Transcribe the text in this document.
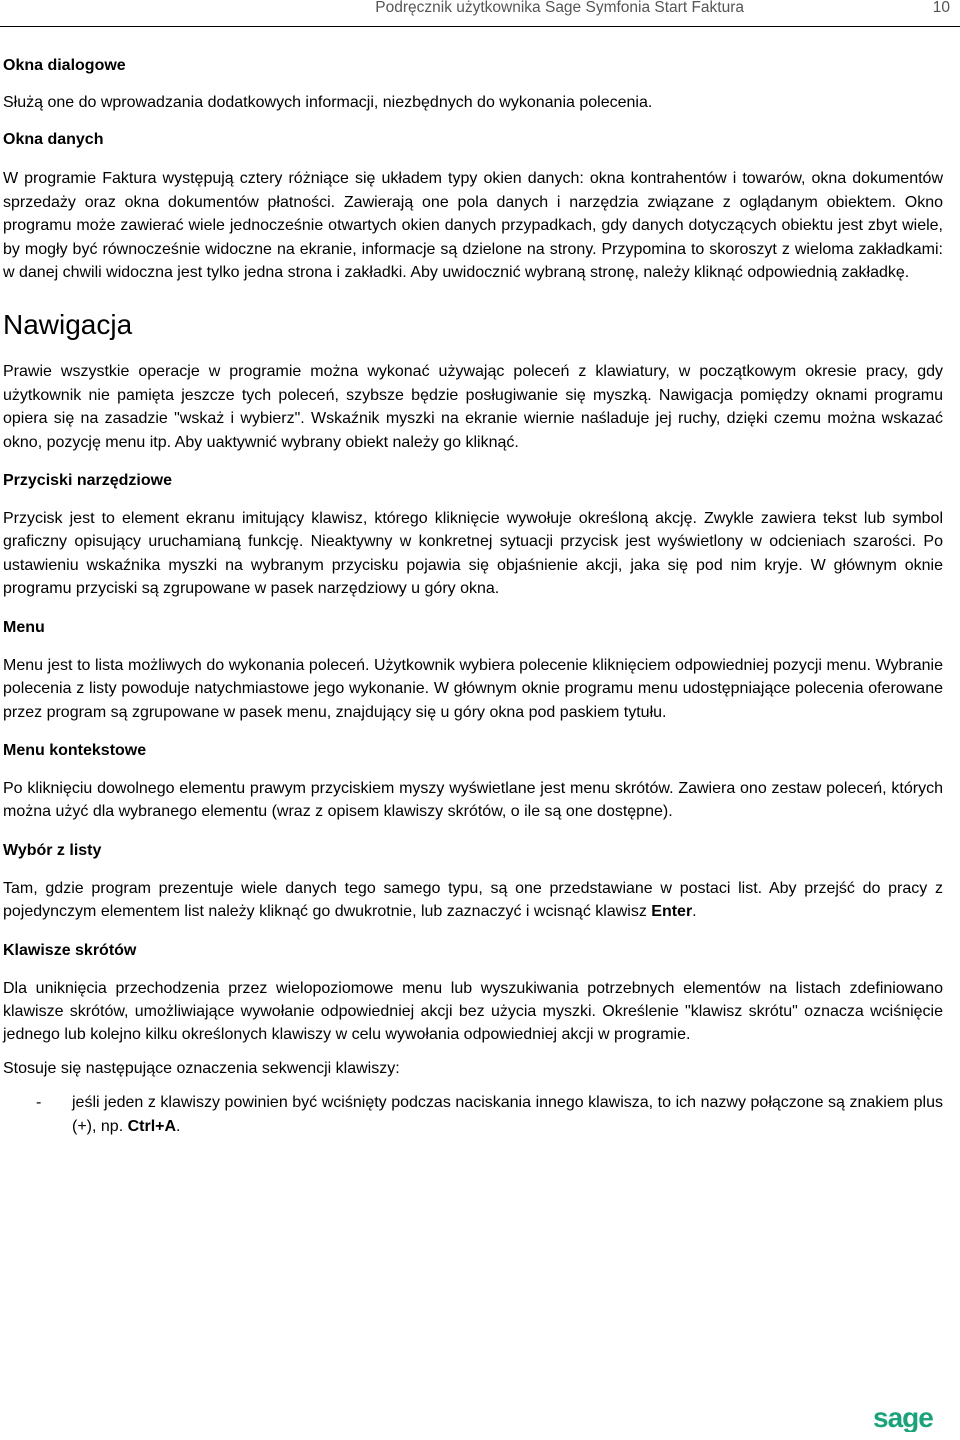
Podręcznik użytkownika Sage Symfonia Start Faktura	10
Okna dialogowe

Służą one do wprowadzania dodatkowych informacji, niezbędnych do wykonania polecenia.

Okna danych

W programie Faktura występują cztery różniące się układem typy okien danych: okna kontrahentów i towarów, okna dokumentów sprzedaży oraz okna dokumentów płatności. Zawierają one pola danych i narzędzia związane z oglądanym obiektem. Okno programu może zawierać wiele jednocześnie otwartych okien danych przypadkach, gdy danych dotyczących obiektu jest zbyt wiele, by mogły być równocześnie widoczne na ekranie, informacje są dzielone na strony. Przypomina to skoroszyt z wieloma zakładkami: w danej chwili widoczna jest tylko jedna strona i zakładki. Aby uwidocznić wybraną stronę, należy kliknąć odpowiednią zakładkę.

Nawigacja

Prawie wszystkie operacje w programie można wykonać używając poleceń z klawiatury, w początkowym okresie pracy, gdy użytkownik nie pamięta jeszcze tych poleceń, szybsze będzie posługiwanie się myszką. Nawigacja pomiędzy oknami programu opiera się na zasadzie "wskaż i wybierz". Wskaźnik myszki na ekranie wiernie naśladuje jej ruchy, dzięki czemu można wskazać okno, pozycję menu itp. Aby uaktywnić wybrany obiekt należy go kliknąć.

Przyciski narzędziowe

Przycisk jest to element ekranu imitujący klawisz, którego kliknięcie wywołuje określoną akcję. Zwykle zawiera tekst lub symbol graficzny opisujący uruchamianą funkcję. Nieaktywny w konkretnej sytuacji przycisk jest wyświetlony w odcieniach szarości. Po ustawieniu wskaźnika myszki na wybranym przycisku pojawia się objaśnienie akcji, jaka się pod nim kryje. W głównym oknie programu przyciski są zgrupowane w pasek narzędziowy u góry okna.

Menu

Menu jest to lista możliwych do wykonania poleceń. Użytkownik wybiera polecenie kliknięciem odpowiedniej pozycji menu. Wybranie polecenia z listy powoduje natychmiastowe jego wykonanie. W głównym oknie programu menu udostępniające polecenia oferowane przez program są zgrupowane w pasek menu, znajdujący się u góry okna pod paskiem tytułu.

Menu kontekstowe

Po kliknięciu dowolnego elementu prawym przyciskiem myszy wyświetlane jest menu skrótów. Zawiera ono zestaw poleceń, których można użyć dla wybranego elementu (wraz z opisem klawiszy skrótów, o ile są one dostępne).

Wybór z listy

Tam, gdzie program prezentuje wiele danych tego samego typu, są one przedstawiane w postaci list. Aby przejść do pracy z pojedynczym elementem list należy kliknąć go dwukrotnie, lub zaznaczyć i wcisnąć klawisz Enter.

Klawisze skrótów

Dla uniknięcia przechodzenia przez wielopoziomowe menu lub wyszukiwania potrzebnych elementów na listach zdefiniowano klawisze skrótów, umożliwiające wywołanie odpowiedniej akcji bez użycia myszki. Określenie "klawisz skrótu" oznacza wciśnięcie jednego lub kolejno kilku określonych klawiszy w celu wywołania odpowiedniej akcji w programie.

Stosuje się następujące oznaczenia sekwencji klawiszy:

- jeśli jeden z klawiszy powinien być wciśnięty podczas naciskania innego klawisza, to ich nazwy połączone są znakiem plus (+), np. Ctrl+A.
sage
